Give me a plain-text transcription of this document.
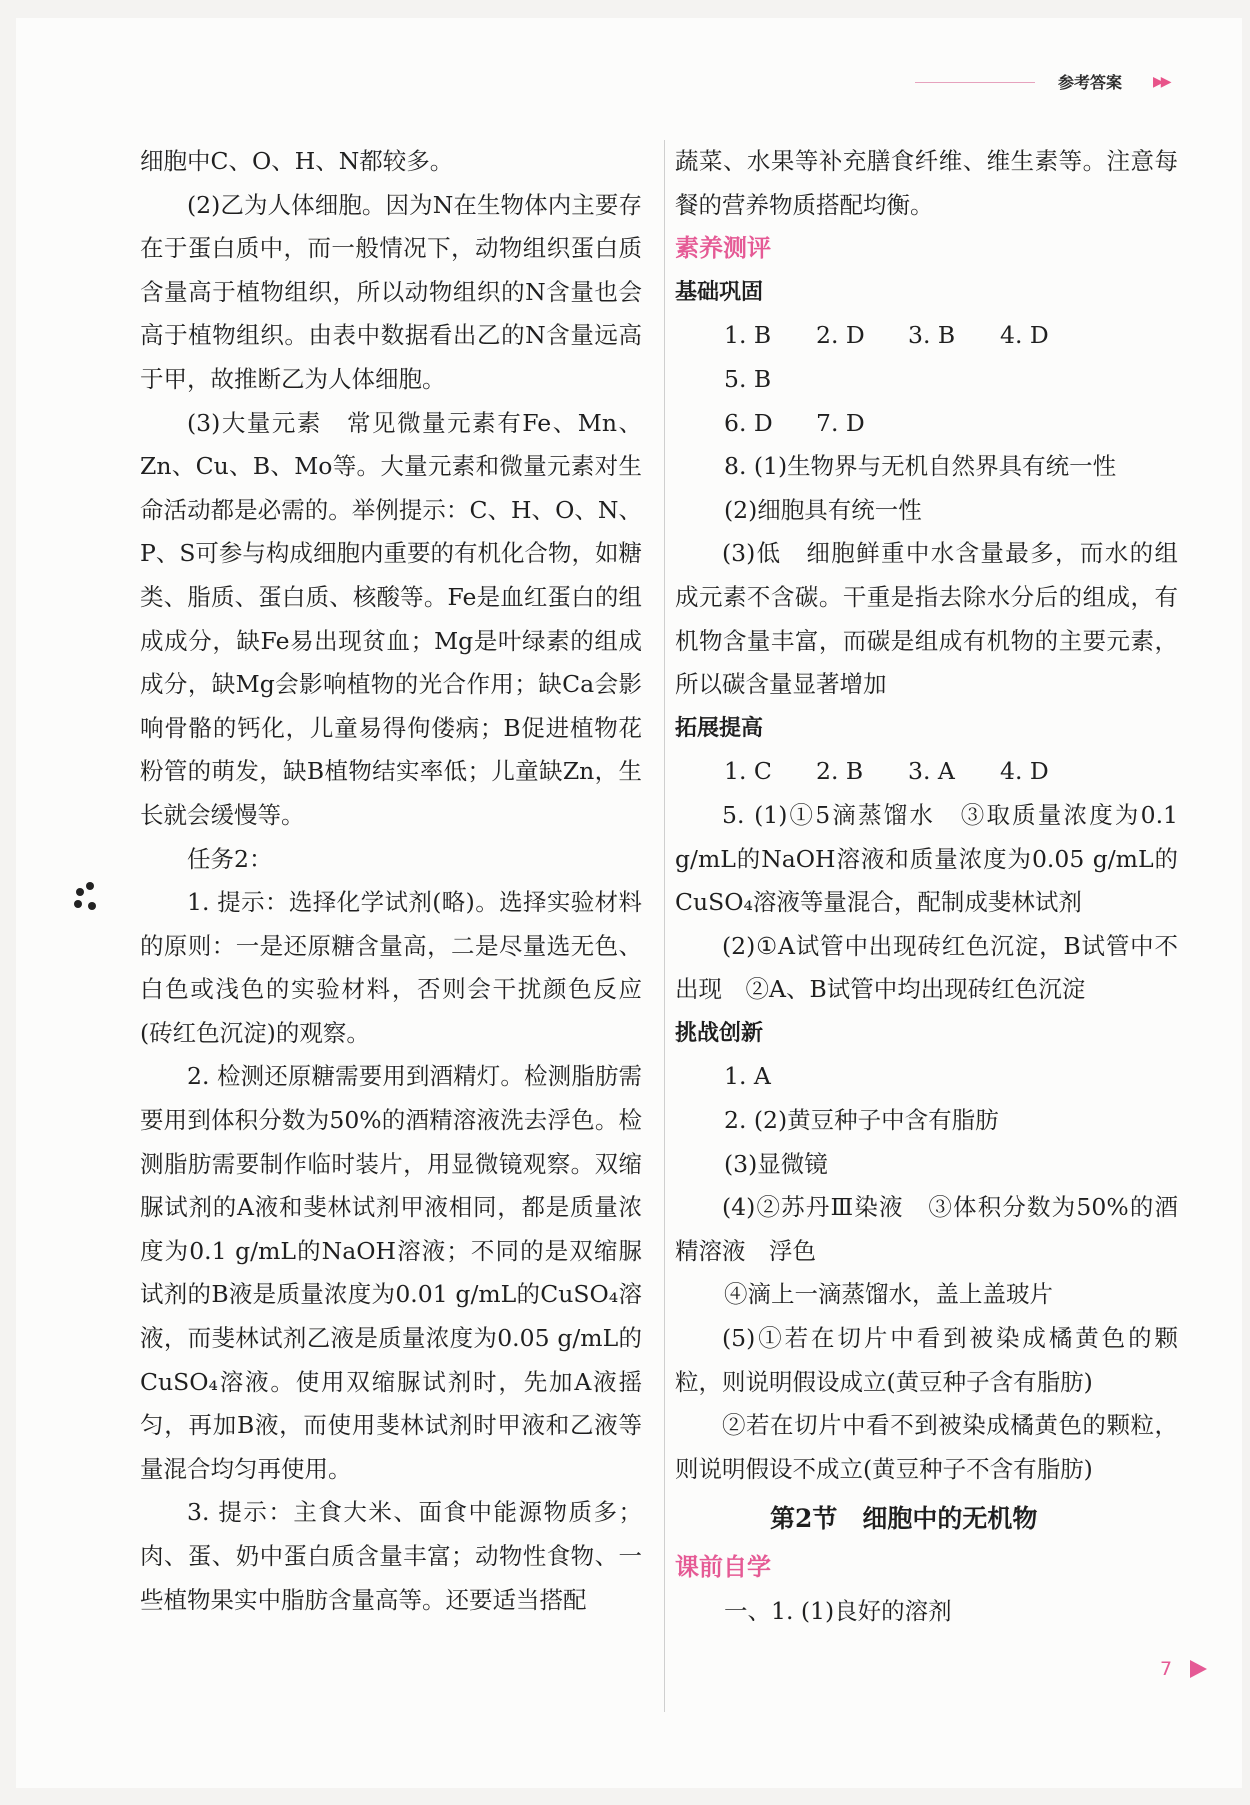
参考答案 ▶▶

细胞中C、O、H、N都较多。

(2)乙为人体细胞。因为N在生物体内主要存在于蛋白质中，而一般情况下，动物组织蛋白质含量高于植物组织，所以动物组织的N含量也会高于植物组织。由表中数据看出乙的N含量远高于甲，故推断乙为人体细胞。

(3)大量元素　常见微量元素有Fe、Mn、Zn、Cu、B、Mo等。大量元素和微量元素对生命活动都是必需的。举例提示：C、H、O、N、P、S可参与构成细胞内重要的有机化合物，如糖类、脂质、蛋白质、核酸等。Fe是血红蛋白的组成成分，缺Fe易出现贫血；Mg是叶绿素的组成成分，缺Mg会影响植物的光合作用；缺Ca会影响骨骼的钙化，儿童易得佝偻病；B促进植物花粉管的萌发，缺B植物结实率低；儿童缺Zn，生长就会缓慢等。

任务2：

1. 提示：选择化学试剂(略)。选择实验材料的原则：一是还原糖含量高，二是尽量选无色、白色或浅色的实验材料，否则会干扰颜色反应(砖红色沉淀)的观察。

2. 检测还原糖需要用到酒精灯。检测脂肪需要用到体积分数为50%的酒精溶液洗去浮色。检测脂肪需要制作临时装片，用显微镜观察。双缩脲试剂的A液和斐林试剂甲液相同，都是质量浓度为0.1 g/mL的NaOH溶液；不同的是双缩脲试剂的B液是质量浓度为0.01 g/mL的CuSO₄溶液，而斐林试剂乙液是质量浓度为0.05 g/mL的CuSO₄溶液。使用双缩脲试剂时，先加A液摇匀，再加B液，而使用斐林试剂时甲液和乙液等量混合均匀再使用。

3. 提示：主食大米、面食中能源物质多；肉、蛋、奶中蛋白质含量丰富；动物性食物、一些植物果实中脂肪含量高等。还要适当搭配

蔬菜、水果等补充膳食纤维、维生素等。注意每餐的营养物质搭配均衡。

素养测评

基础巩固

1. B 2. D 3. B 4. D5. B

6. D 7. D

8. (1)生物界与无机自然界具有统一性

(2)细胞具有统一性

(3)低　细胞鲜重中水含量最多，而水的组成元素不含碳。干重是指去除水分后的组成，有机物含量丰富，而碳是组成有机物的主要元素，所以碳含量显著增加

拓展提高

1. C 2. B 3. A 4. D

5. (1)①5滴蒸馏水　③取质量浓度为0.1 g/mL的NaOH溶液和质量浓度为0.05 g/mL的CuSO₄溶液等量混合，配制成斐林试剂

(2)①A试管中出现砖红色沉淀，B试管中不出现　②A、B试管中均出现砖红色沉淀

挑战创新

1. A

2. (2)黄豆种子中含有脂肪

(3)显微镜

(4)②苏丹Ⅲ染液　③体积分数为50%的酒精溶液　浮色

④滴上一滴蒸馏水，盖上盖玻片

(5)①若在切片中看到被染成橘黄色的颗粒，则说明假设成立(黄豆种子含有脂肪)

②若在切片中看不到被染成橘黄色的颗粒，则说明假设不成立(黄豆种子不含有脂肪)

第2节　细胞中的无机物

课前自学

一、1. (1)良好的溶剂

7
